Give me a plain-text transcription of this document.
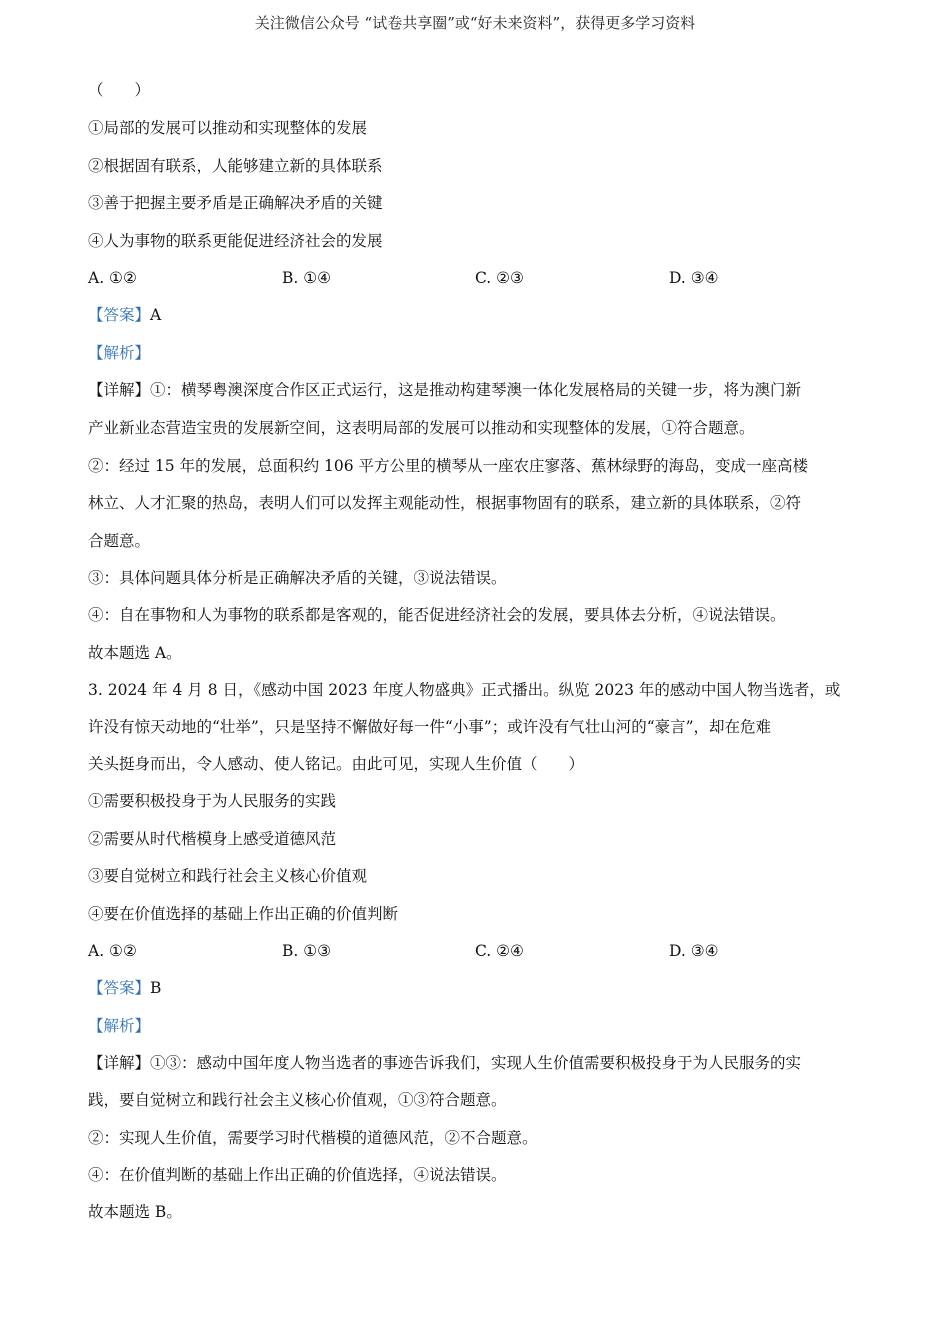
关注微信公众号 “试卷共享圈”或“好未来资料”，获得更多学习资料
（　　）
①局部的发展可以推动和实现整体的发展
②根据固有联系，人能够建立新的具体联系
③善于把握主要矛盾是正确解决矛盾的关键
④人为事物的联系更能促进经济社会的发展
A. ①②	B. ①④	C. ②③	D. ③④
【答案】A
【解析】
【详解】①：横琴粤澳深度合作区正式运行，这是推动构建琴澳一体化发展格局的关键一步，将为澳门新
产业新业态营造宝贵的发展新空间，这表明局部的发展可以推动和实现整体的发展，①符合题意。
②：经过 15 年的发展，总面积约 106 平方公里的横琴从一座农庄寥落、蕉林绿野的海岛，变成一座高楼
林立、人才汇聚的热岛，表明人们可以发挥主观能动性，根据事物固有的联系，建立新的具体联系，②符
合题意。
③：具体问题具体分析是正确解决矛盾的关键，③说法错误。
④：自在事物和人为事物的联系都是客观的，能否促进经济社会的发展，要具体去分析，④说法错误。
故本题选 A。
3. 2024 年 4 月 8 日，《感动中国 2023 年度人物盛典》正式播出。纵览 2023 年的感动中国人物当选者，或
许没有惊天动地的“壮举”，只是坚持不懈做好每一件“小事”；或许没有气壮山河的“豪言”，却在危难
关头挺身而出，令人感动、使人铭记。由此可见，实现人生价值（　　）
①需要积极投身于为人民服务的实践
②需要从时代楷模身上感受道德风范
③要自觉树立和践行社会主义核心价值观
④要在价值选择的基础上作出正确的价值判断
A. ①②	B. ①③	C. ②④	D. ③④
【答案】B
【解析】
【详解】①③：感动中国年度人物当选者的事迹告诉我们，实现人生价值需要积极投身于为人民服务的实
践，要自觉树立和践行社会主义核心价值观，①③符合题意。
②：实现人生价值，需要学习时代楷模的道德风范，②不合题意。
④：在价值判断的基础上作出正确的价值选择，④说法错误。
故本题选 B。
